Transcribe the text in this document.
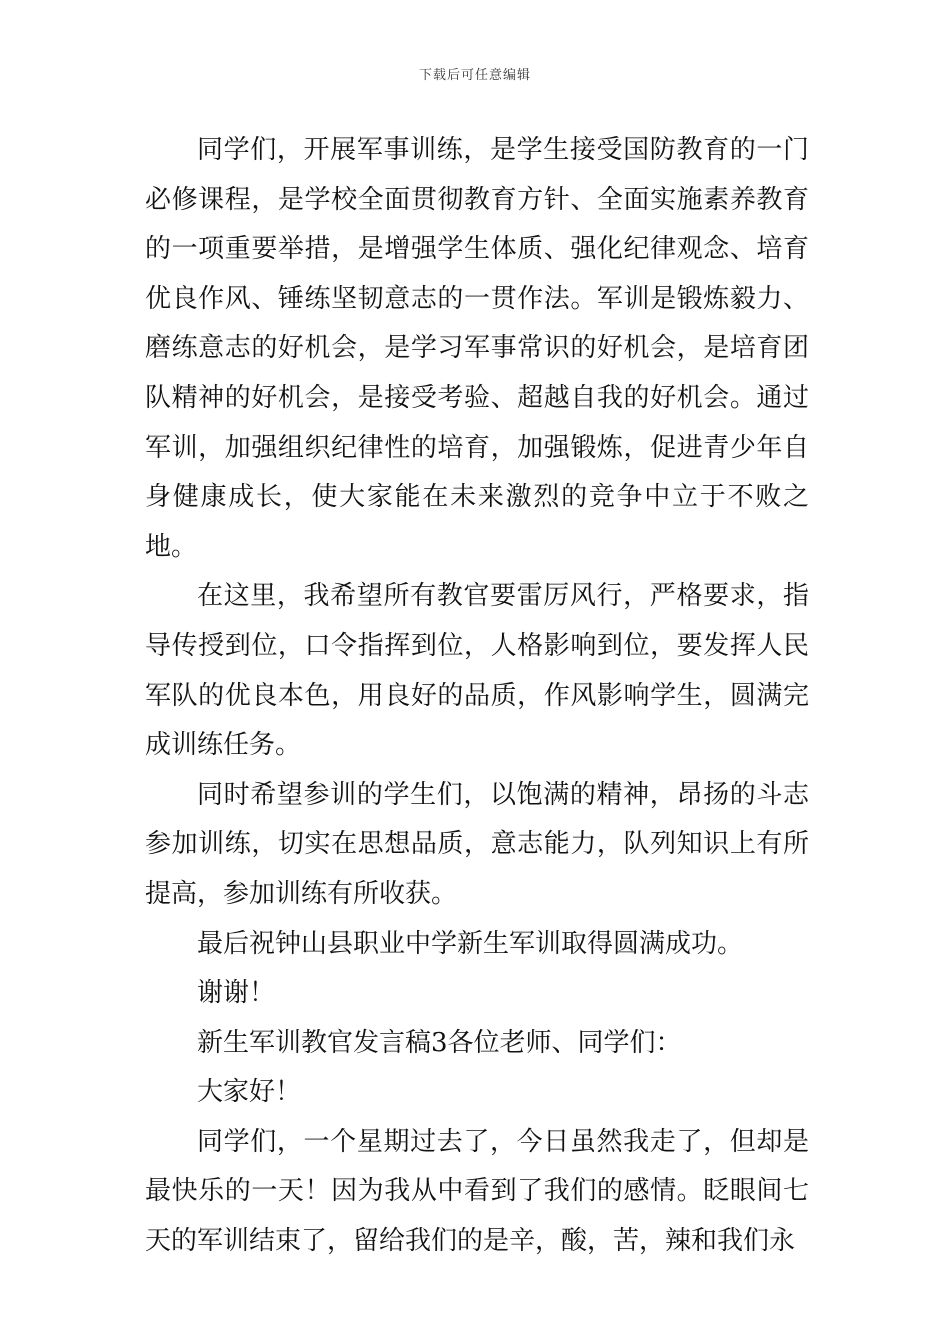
下载后可任意编辑

同学们，开展军事训练，是学生接受国防教育的一门必修课程，是学校全面贯彻教育方针、全面实施素养教育的一项重要举措，是增强学生体质、强化纪律观念、培育优良作风、锤练坚韧意志的一贯作法。军训是锻炼毅力、磨练意志的好机会，是学习军事常识的好机会，是培育团队精神的好机会，是接受考验、超越自我的好机会。通过军训，加强组织纪律性的培育，加强锻炼，促进青少年自身健康成长，使大家能在未来激烈的竞争中立于不败之地。

在这里，我希望所有教官要雷厉风行，严格要求，指导传授到位，口令指挥到位，人格影响到位，要发挥人民军队的优良本色，用良好的品质，作风影响学生，圆满完成训练任务。

同时希望参训的学生们，以饱满的精神，昂扬的斗志参加训练，切实在思想品质，意志能力，队列知识上有所提高，参加训练有所收获。

最后祝钟山县职业中学新生军训取得圆满成功。

谢谢！

新生军训教官发言稿3各位老师、同学们：

大家好！

同学们，一个星期过去了，今日虽然我走了，但却是最快乐的一天！因为我从中看到了我们的感情。眨眼间七天的军训结束了，留给我们的是辛，酸，苦，辣和我们永
